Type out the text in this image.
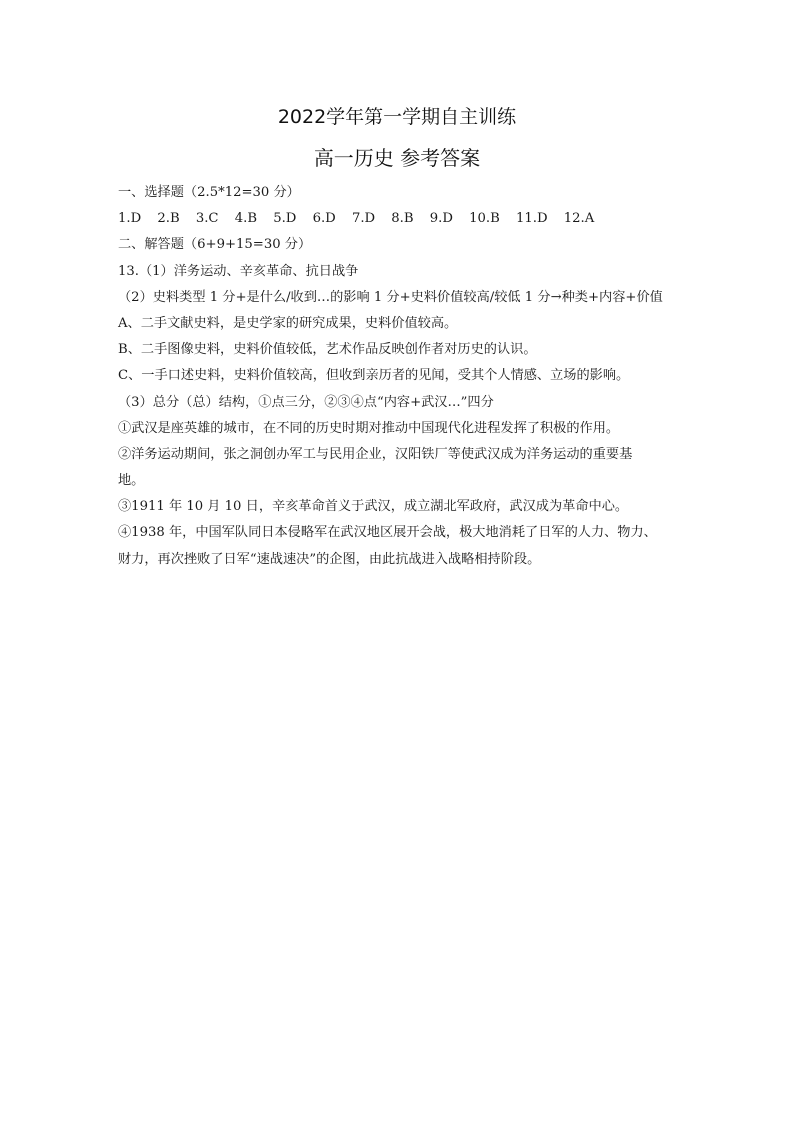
2022学年第一学期自主训练
高一历史 参考答案
一、选择题（2.5*12=30 分）
1.D 2.B 3.C 4.B 5.D 6.D 7.D 8.B 9.D 10.B 11.D 12.A
二、解答题（6+9+15=30 分）
13.（1）洋务运动、辛亥革命、抗日战争
（2）史料类型 1 分+是什么/收到…的影响 1 分+史料价值较高/较低 1 分→种类+内容+价值
A、二手文献史料，是史学家的研究成果，史料价值较高。
B、二手图像史料，史料价值较低，艺术作品反映创作者对历史的认识。
C、一手口述史料，史料价值较高，但收到亲历者的见闻，受其个人情感、立场的影响。
（3）总分（总）结构，①点三分，②③④点“内容+武汉…”四分
①武汉是座英雄的城市，在不同的历史时期对推动中国现代化进程发挥了积极的作用。
②洋务运动期间，张之洞创办军工与民用企业，汉阳铁厂等使武汉成为洋务运动的重要基
地。
③1911 年 10 月 10 日，辛亥革命首义于武汉，成立湖北军政府，武汉成为革命中心。
④1938 年，中国军队同日本侵略军在武汉地区展开会战，极大地消耗了日军的人力、物力、
财力，再次挫败了日军“速战速决”的企图，由此抗战进入战略相持阶段。
